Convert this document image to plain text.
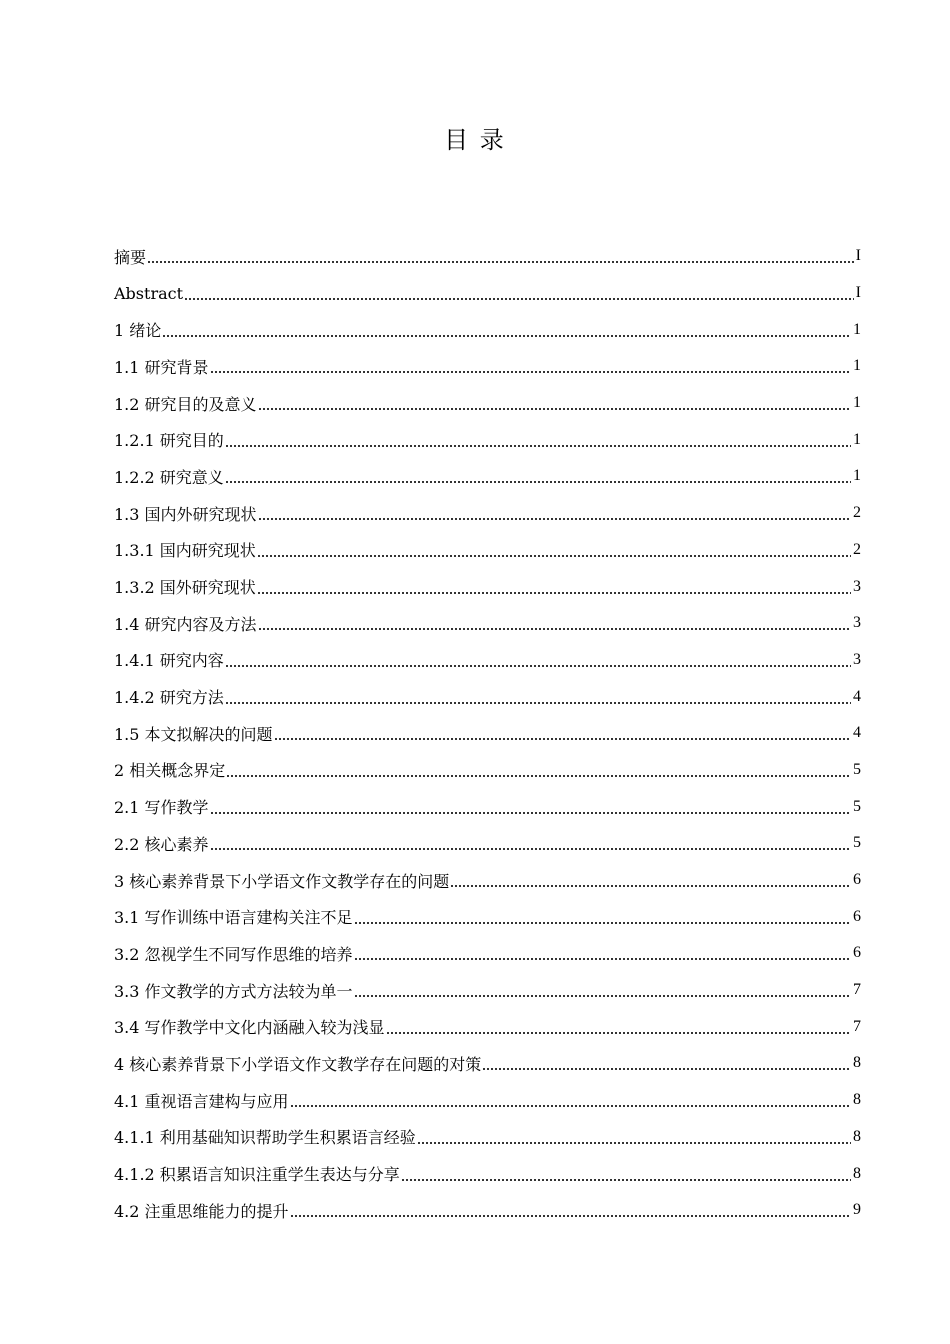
目 录
摘要	I
Abstract	I
1 绪论	1
1.1 研究背景	1
1.2 研究目的及意义	1
1.2.1 研究目的	1
1.2.2 研究意义	1
1.3 国内外研究现状	2
1.3.1 国内研究现状	2
1.3.2 国外研究现状	3
1.4 研究内容及方法	3
1.4.1 研究内容	3
1.4.2 研究方法	4
1.5 本文拟解决的问题	4
2 相关概念界定	5
2.1 写作教学	5
2.2 核心素养	5
3 核心素养背景下小学语文作文教学存在的问题	6
3.1 写作训练中语言建构关注不足	6
3.2 忽视学生不同写作思维的培养	6
3.3 作文教学的方式方法较为单一	7
3.4 写作教学中文化内涵融入较为浅显	7
4 核心素养背景下小学语文作文教学存在问题的对策	8
4.1 重视语言建构与应用	8
4.1.1 利用基础知识帮助学生积累语言经验	8
4.1.2 积累语言知识注重学生表达与分享	8
4.2 注重思维能力的提升	9
